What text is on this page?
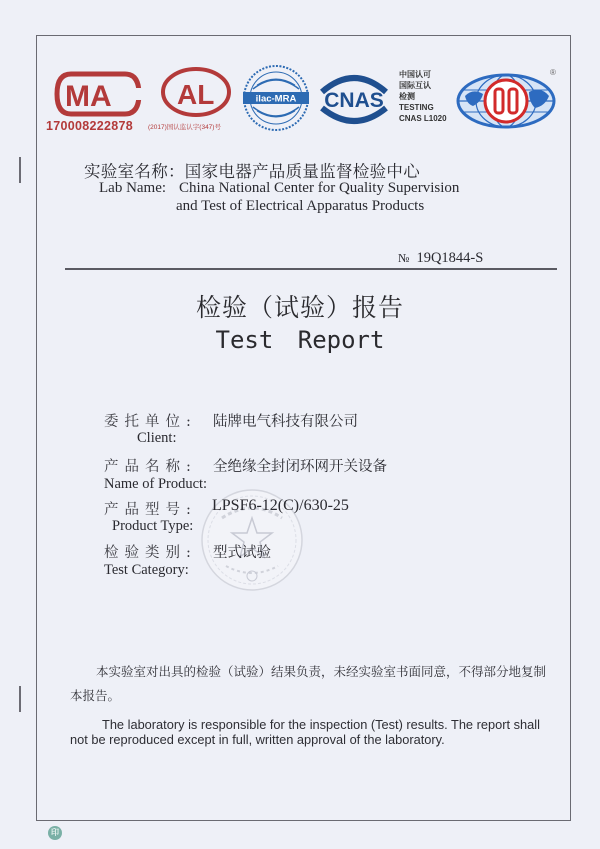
MA
170008222878
AL
(2017)国认监认字(347)号
ilac-MRA CNAS
中国认可
国际互认
检测
TESTING
CNAS L1020
®
实验室名称：国家电器产品质量监督检验中心
Lab Name: China National Center for Quality Supervision
and Test of Electrical Apparatus Products
№ 19Q1844-S
检验（试验）报告
Test Report
委托单位: 陆牌电气科技有限公司
Client:
产品名称: 全绝缘全封闭环网开关设备
Name of Product:
产品型号: LPSF6-12(C)/630-25
Product Type:
检验类别: 型式试验
Test Category:
本实验室对出具的检验（试验）结果负责，未经实验室书面同意，不得部分地复制本报告。
The laboratory is responsible for the inspection (Test) results. The report shall not be reproduced except in full, written approval of the laboratory.
印
